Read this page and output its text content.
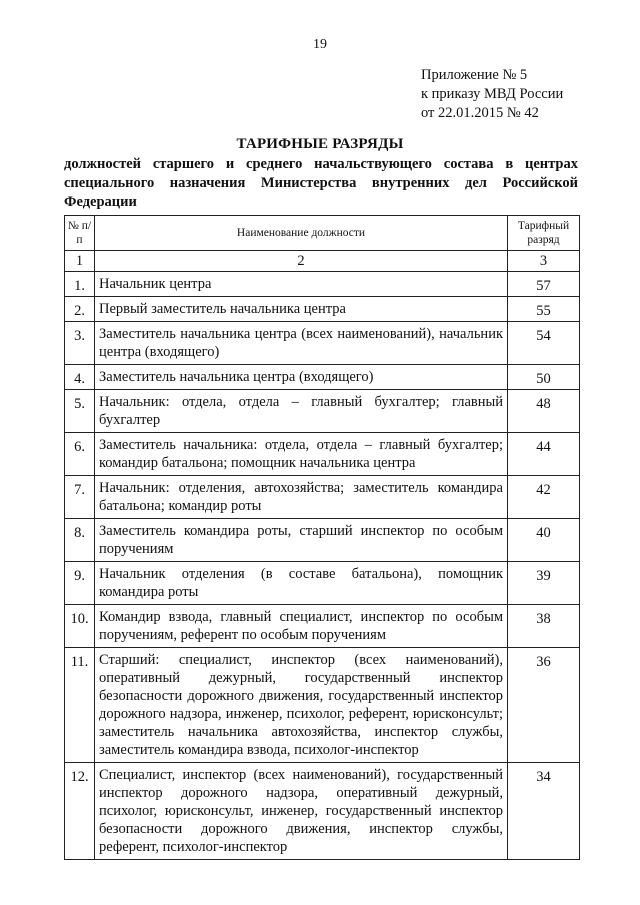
19
Приложение № 5
к приказу МВД России
от 22.01.2015 № 42
ТАРИФНЫЕ РАЗРЯДЫ
должностей старшего и среднего начальствующего состава в центрах специального назначения Министерства внутренних дел Российской Федерации
№ п/п	Наименование должности	Тарифный разряд
1	2	3
1.	Начальник центра	57
2.	Первый заместитель начальника центра	55
3.	Заместитель начальника центра (всех наименований), начальник центра (входящего)	54
4.	Заместитель начальника центра (входящего)	50
5.	Начальник: отдела, отдела – главный бухгалтер; главный бухгалтер	48
6.	Заместитель начальника: отдела, отдела – главный бухгалтер; командир батальона; помощник начальника центра	44
7.	Начальник: отделения, автохозяйства; заместитель командира батальона; командир роты	42
8.	Заместитель командира роты, старший инспектор по особым поручениям	40
9.	Начальник отделения (в составе батальона), помощник командира роты	39
10.	Командир взвода, главный специалист, инспектор по особым поручениям, референт по особым поручениям	38
11.	Старший: специалист, инспектор (всех наименований), оперативный дежурный, государственный инспектор безопасности дорожного движения, государственный инспектор дорожного надзора, инженер, психолог, референт, юрисконсульт; заместитель начальника автохозяйства, инспектор службы, заместитель командира взвода, психолог-инспектор	36
12.	Специалист, инспектор (всех наименований), государственный инспектор дорожного надзора, оперативный дежурный, психолог, юрисконсульт, инженер, государственный инспектор безопасности дорожного движения, инспектор службы, референт, психолог-инспектор	34
